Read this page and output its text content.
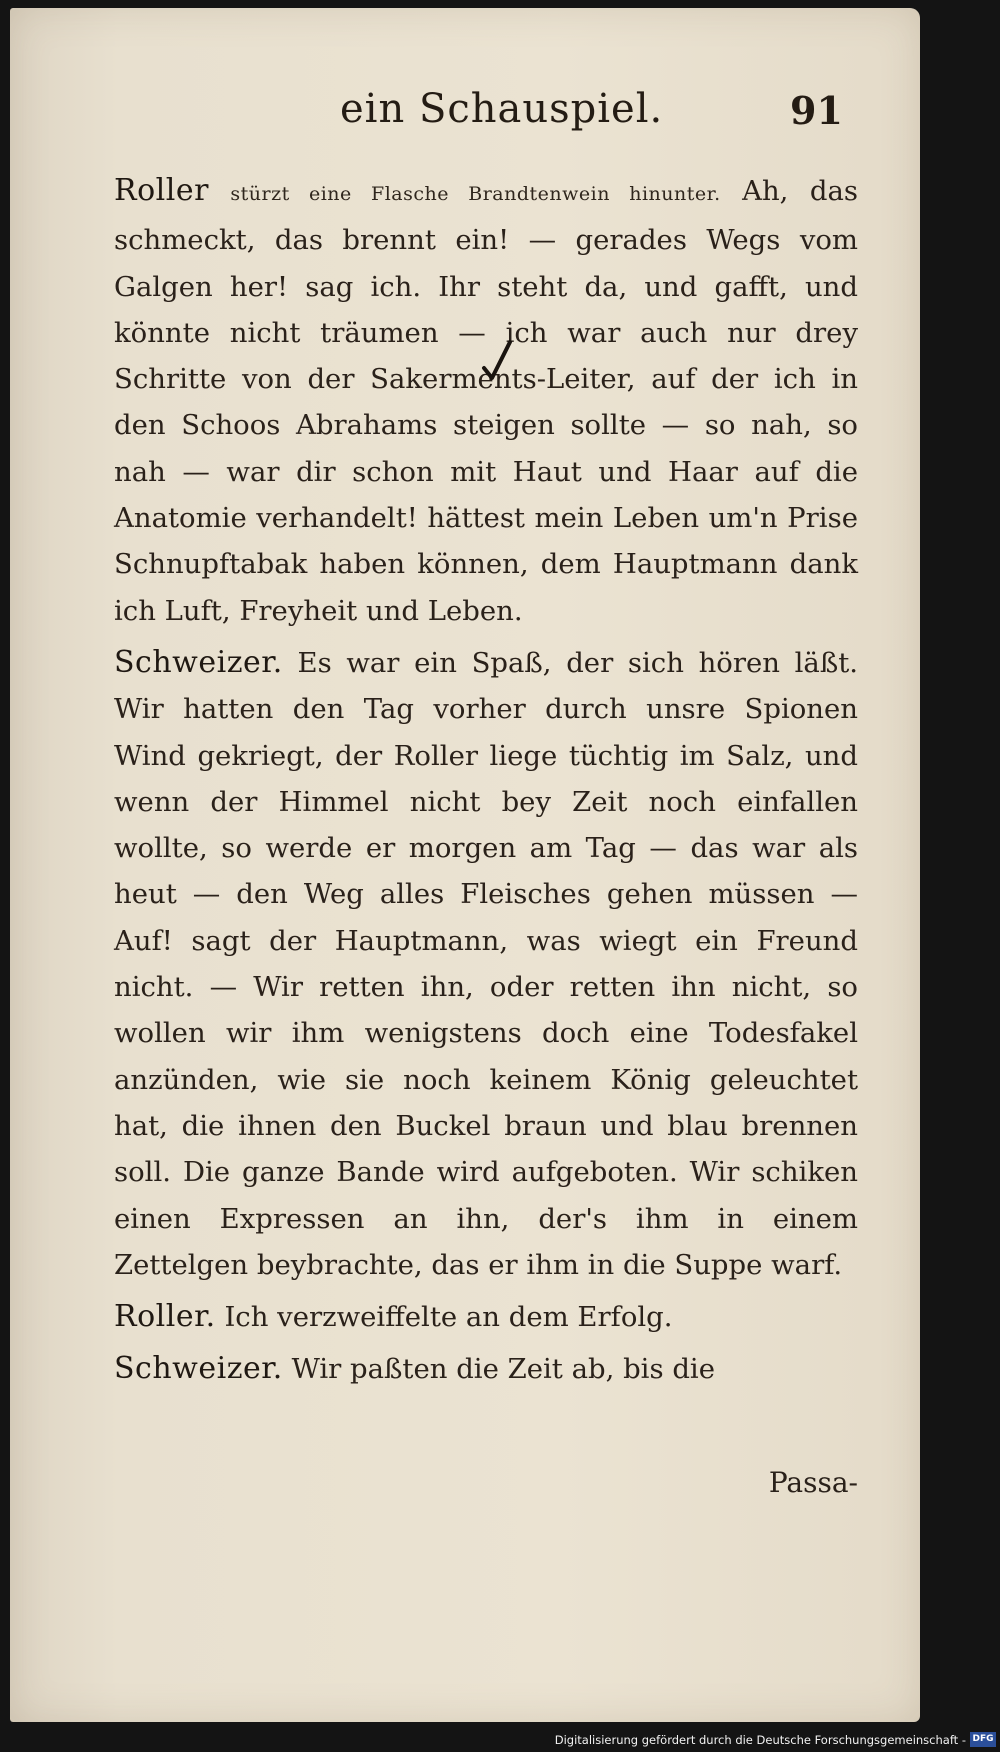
ein Schauspiel.	91

Roller stürzt eine Flasche Brandtenwein hinunter. Ah, das schmeckt, das brennt ein! — gerades Wegs vom Galgen her! sag ich. Ihr steht da, und gafft, und könnte nicht träumen — ich war auch nur drey Schritte von der Sakerments-Leiter, auf der ich in den Schoos Abrahams steigen sollte — so nah, so nah — war dir schon mit Haut und Haar auf die Anatomie verhandelt! hättest mein Leben um'n Prise Schnupftabak haben können, dem Hauptmann dank ich Luft, Freyheit und Leben.

Schweizer. Es war ein Spaß, der sich hören läßt. Wir hatten den Tag vorher durch unsre Spionen Wind gekriegt, der Roller liege tüchtig im Salz, und wenn der Himmel nicht bey Zeit noch einfallen wollte, so werde er morgen am Tag — das war als heut — den Weg alles Fleisches gehen müssen — Auf! sagt der Hauptmann, was wiegt ein Freund nicht. — Wir retten ihn, oder retten ihn nicht, so wollen wir ihm wenigstens doch eine Todesfakel anzünden, wie sie noch keinem König geleuchtet hat, die ihnen den Buckel braun und blau brennen soll. Die ganze Bande wird aufgeboten. Wir schiken einen Expressen an ihn, der's ihm in einem Zettelgen beybrachte, das er ihm in die Suppe warf.

Roller. Ich verzweiffelte an dem Erfolg.

Schweizer. Wir paßten die Zeit ab, bis die

Passa-
Digitalisierung gefördert durch die Deutsche Forschungsgemeinschaft - DFG
